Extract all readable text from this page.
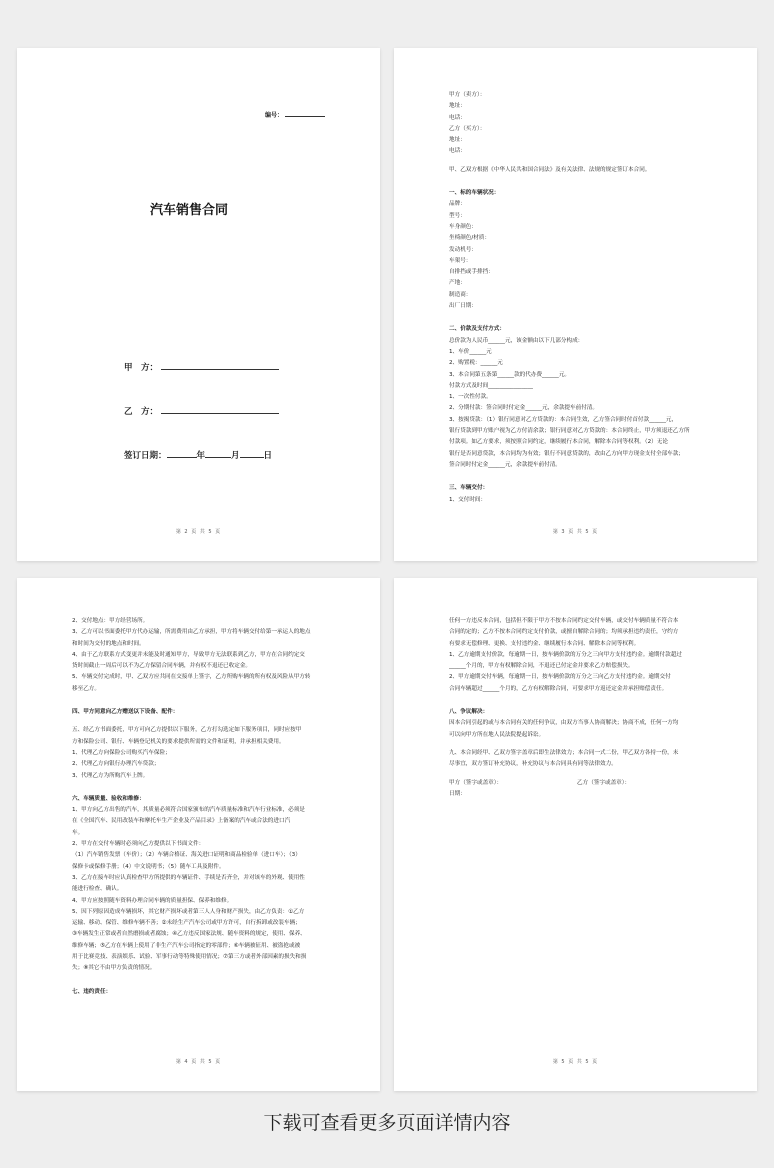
编号：
汽车销售合同
甲　方：
乙　方：
签订日期：	年	月	日
第 2 页 共 5 页
甲方（卖方）：
地址：
电话：
乙方（买方）：
地址：
电话：
甲、乙双方根据《中华人民共和国合同法》及有关法律、法规的规定签订本合同。
一、标的车辆状况：
品牌：
型号：
车身颜色：
坐椅颜色/材质：
发动机号：
车架号：
自排挡或手排挡：
产地：
制造商：
出厂日期：
二、价款及支付方式：
总价款为人民币______元，该金额由以下几部分构成：
1、车价______元
2、购置税：______元
3、本合同第五条第______款的代办费______元。
付款方式及时间________________
1、一次性付款。
2、分期付款：签合同时付定金______元，余款提车前付清。
3、按揭贷款：（1）银行同意对乙方贷款的：本合同生效，乙方签合同时付首付款______元，
银行贷款到甲方账户视为乙方付清余款；银行同意对乙方贷款的：本合同终止，甲方须退还乙方所
付款项。如乙方要求，须按照合同约定，继续履行本合同，解除本合同等权利。（2）无论
银行是否同意贷款，本合同均为有效；银行不同意贷款的，改由乙方向甲方现金支付全部车款；
签合同时付定金______元，余款提车前付清。
三、车辆交付：
1、交付时间：
第 3 页 共 5 页
2、交付地点：甲方经营场所。
3、乙方可以书面委托甲方代办运输，所需费用由乙方承担，甲方将车辆交付给第一承运人的地点
和时间为交付的地点和时间。
4、由于乙方联系方式变更并未能及时通知甲方，导致甲方无法联系到乙方，甲方在合同约定交
货时间截止一周后可以不为乙方保留合同车辆，并有权不退还已收定金。
5、车辆交付完成时，甲、乙双方应共同在交接单上签字，乙方所购车辆的所有权及风险从甲方转
移至乙方。
四、甲方同意向乙方赠送以下设备、配件：
五、经乙方书面委托，甲方可向乙方提供以下服务，乙方打勾选定如下服务项目，同时应按甲
方和保险公司、银行、车辆登记机关的要求提供所需的文件和证明，并承担相关费用。
1、代理乙方向保险公司购买汽车保险；
2、代理乙方向银行办理汽车贷款；
3、代理乙方为所购汽车上牌。
六、车辆质量、验收和维修：
1、甲方向乙方出售的汽车，其质量必须符合国家颁布的汽车质量标准和汽车行业标准，必须是
在《全国汽车、民用改装车和摩托车生产企业及产品目录》上备案的汽车或合法的进口汽
车。
2、甲方在交付车辆时必须向乙方提供以下书面文件：
（1）汽车销售发票（车价）；（2）车辆合格证、海关进口证明和商品检验单（进口车）；（3）
保修卡或保修手册；（4）中文说明书；（5）随车工具及附件。
3、乙方在接车时应认真检查甲方所提供的车辆证件、手续是否齐全，并对该车的外观、使用性
能进行检查、确认。
4、甲方应按照随车资料办理合同车辆的质量担保、保养和维修。
5、因下列原因造成车辆损坏，其它财产损坏或者第三人人身和财产损失，由乙方负责：①乙方
运输、移动、保管、维修车辆不善；②未经生产汽车公司或甲方许可，自行拆卸或改装车辆；
③车辆发生正常或者自然磨损或者腐蚀；④乙方违反国家法规、随车资料的规定，使用、保养、
维修车辆；⑤乙方在车辆上使用了非生产汽车公司指定的零部件；⑥车辆被征用、被盗抢或被
用于比赛竞技、表演娱乐、试验、军事行动等特殊使用情况；⑦第三方或者外部因素的损失和损
失；⑧其它不由甲方负责的情况。
七、违约责任：
第 4 页 共 5 页
任何一方违反本合同，包括但不限于甲方不按本合同约定交付车辆，或交付车辆质量不符合本
合同的定的；乙方不按本合同约定支付价款，或擅自解除合同的；均须承担违约责任，守约方
有要求无偿修理、更换、支付违约金、继续履行本合同、解除本合同等权利。
1、乙方逾期支付价款，每逾期一日，按车辆价款的万分之三向甲方支付违约金。逾期付款超过
______个月的，甲方有权解除合同，不退还已付定金并要求乙方赔偿损失。
2、甲方逾期交付车辆，每逾期一日，按车辆价款的万分之三向乙方支付违约金。逾期交付
合同车辆超过______个月的，乙方有权解除合同，可要求甲方返还定金并承担赔偿责任。
八、争议解决：
因本合同引起的或与本合同有关的任何争议，由双方当事人协商解决；协商不成，任何一方均
可以向甲方所在地人民法院提起诉讼。
九、本合同经甲、乙双方签字盖章后即生法律效力；本合同一式二份，甲乙双方各持一份，未
尽事宜，双方签订补充协议，补充协议与本合同具有同等法律效力。
甲方（签字或盖章）：	乙方（签字或盖章）：
日期：
第 5 页 共 5 页
下载可查看更多页面详情内容
